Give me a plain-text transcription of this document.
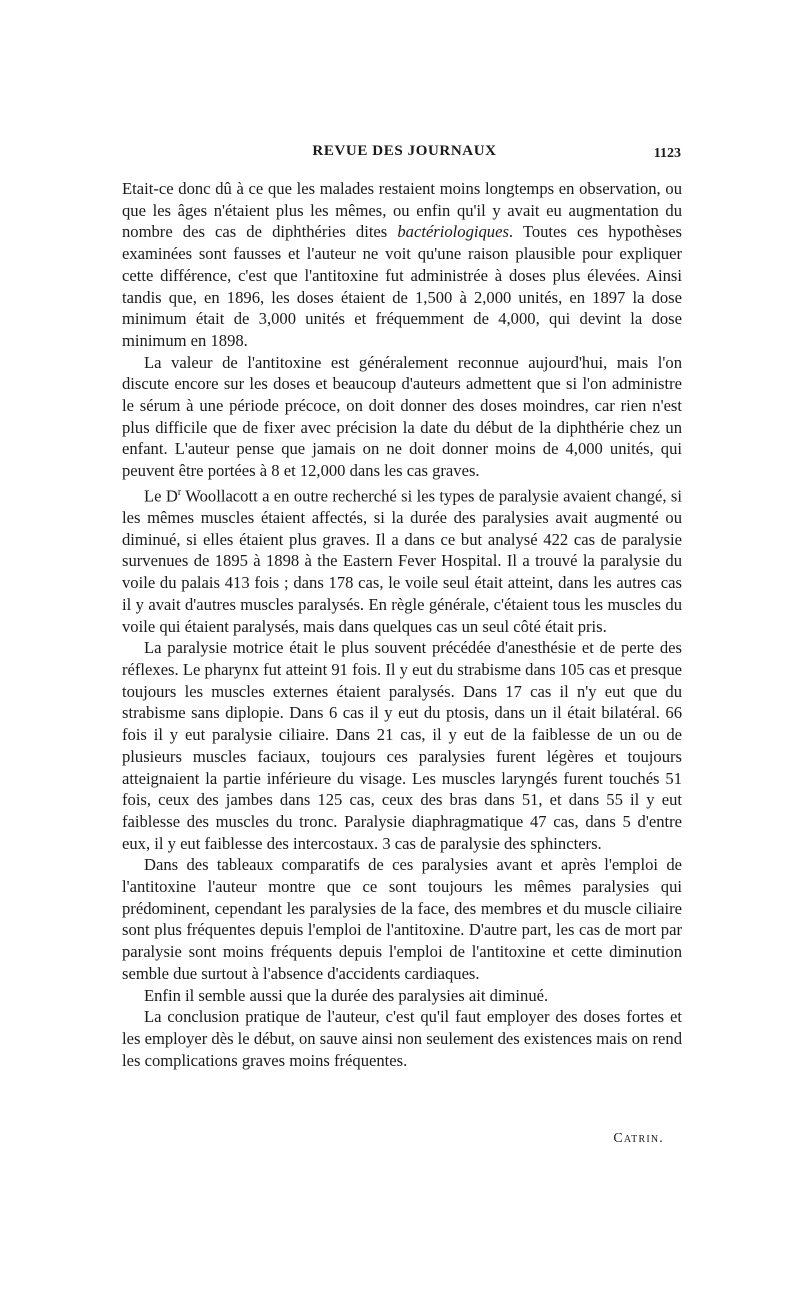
REVUE DES JOURNAUX	1123

Etait-ce donc dû à ce que les malades restaient moins longtemps en observation, ou que les âges n'étaient plus les mêmes, ou enfin qu'il y avait eu augmentation du nombre des cas de diphthéries dites bactériologiques. Toutes ces hypothèses examinées sont fausses et l'auteur ne voit qu'une raison plausible pour expliquer cette différence, c'est que l'antitoxine fut administrée à doses plus élevées. Ainsi tandis que, en 1896, les doses étaient de 1,500 à 2,000 unités, en 1897 la dose minimum était de 3,000 unités et fréquemment de 4,000, qui devint la dose minimum en 1898.

La valeur de l'antitoxine est généralement reconnue aujourd'hui, mais l'on discute encore sur les doses et beaucoup d'auteurs admettent que si l'on administre le sérum à une période précoce, on doit donner des doses moindres, car rien n'est plus difficile que de fixer avec précision la date du début de la diphthérie chez un enfant. L'auteur pense que jamais on ne doit donner moins de 4,000 unités, qui peuvent être portées à 8 et 12,000 dans les cas graves.

Le $D^r$ Woollacott a en outre recherché si les types de paralysie avaient changé, si les mêmes muscles étaient affectés, si la durée des paralysies avait augmenté ou diminué, si elles étaient plus graves. Il a dans ce but analysé 422 cas de paralysie survenues de 1895 à 1898 à the Eastern Fever Hospital. Il a trouvé la paralysie du voile du palais 413 fois ; dans 178 cas, le voile seul était atteint, dans les autres cas il y avait d'autres muscles paralysés. En règle générale, c'étaient tous les muscles du voile qui étaient paralysés, mais dans quelques cas un seul côté était pris.

La paralysie motrice était le plus souvent précédée d'anesthésie et de perte des réflexes. Le pharynx fut atteint 91 fois. Il y eut du strabisme dans 105 cas et presque toujours les muscles externes étaient paralysés. Dans 17 cas il n'y eut que du strabisme sans diplopie. Dans 6 cas il y eut du ptosis, dans un il était bilatéral. 66 fois il y eut paralysie ciliaire. Dans 21 cas, il y eut de la faiblesse de un ou de plusieurs muscles faciaux, toujours ces paralysies furent légères et toujours atteignaient la partie inférieure du visage. Les muscles laryngés furent touchés 51 fois, ceux des jambes dans 125 cas, ceux des bras dans 51, et dans 55 il y eut faiblesse des muscles du tronc. Paralysie diaphragmatique 47 cas, dans 5 d'entre eux, il y eut faiblesse des intercostaux. 3 cas de paralysie des sphincters.

Dans des tableaux comparatifs de ces paralysies avant et après l'emploi de l'antitoxine l'auteur montre que ce sont toujours les mêmes paralysies qui prédominent, cependant les paralysies de la face, des membres et du muscle ciliaire sont plus fréquentes depuis l'emploi de l'antitoxine. D'autre part, les cas de mort par paralysie sont moins fréquents depuis l'emploi de l'antitoxine et cette diminution semble due surtout à l'absence d'accidents cardiaques.

Enfin il semble aussi que la durée des paralysies ait diminué.

La conclusion pratique de l'auteur, c'est qu'il faut employer des doses fortes et les employer dès le début, on sauve ainsi non seulement des existences mais on rend les complications graves moins fréquentes.

Catrin.
